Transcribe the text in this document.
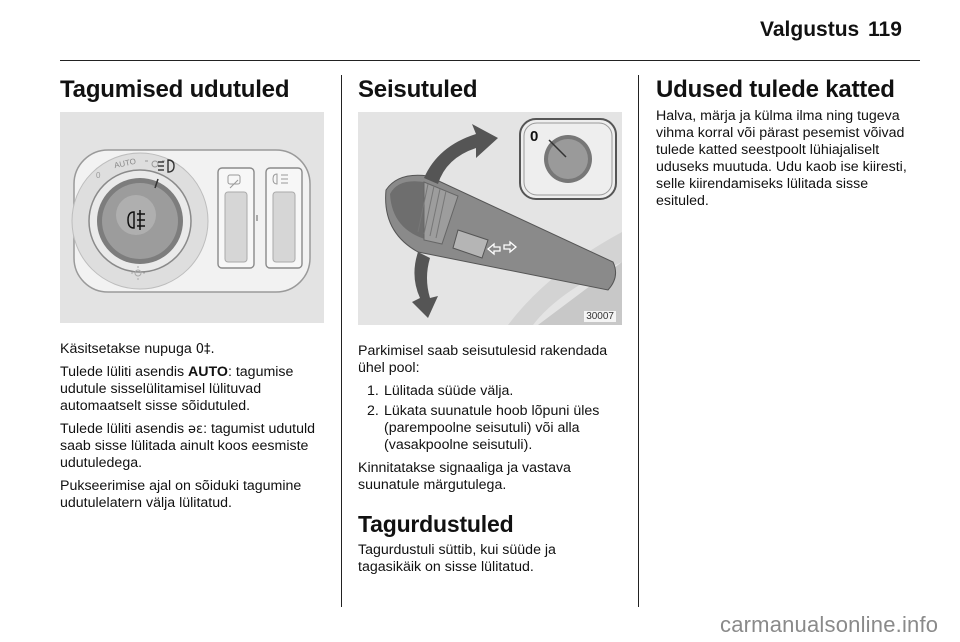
Valgustus 119
Tagumised udutuled
AUTO
0

Käsitsetakse nupuga 0‡.

Tulede lüliti asendis AUTO: tagumise udutule sisselülitamisel lülituvad automaatselt sisse sõidutuled.

Tulede lüliti asendis əε: tagumist udutuld saab sisse lülitada ainult koos eesmiste udutuledega.

Pukseerimise ajal on sõiduki tagumine udutulelatern välja lülitatud.

Seisutuled
0
30007

Parkimisel saab seisutulesid rakendada ühel pool:

1. Lülitada süüde välja.
2. Lükata suunatule hoob lõpuni üles (parempoolne seisutuli) või alla (vasakpoolne seisutuli).

Kinnitatakse signaaliga ja vastava suunatule märgutulega.

Tagurdustuled

Tagurdustuli süttib, kui süüde ja tagasikäik on sisse lülitatud.

Udused tulede katted

Halva, märja ja külma ilma ning tugeva vihma korral või pärast pesemist võivad tulede katted seestpoolt lühiajaliselt uduseks muutuda. Udu kaob ise kiiresti, selle kiirendamiseks lülitada sisse esituled.

carmanualsonline.info
